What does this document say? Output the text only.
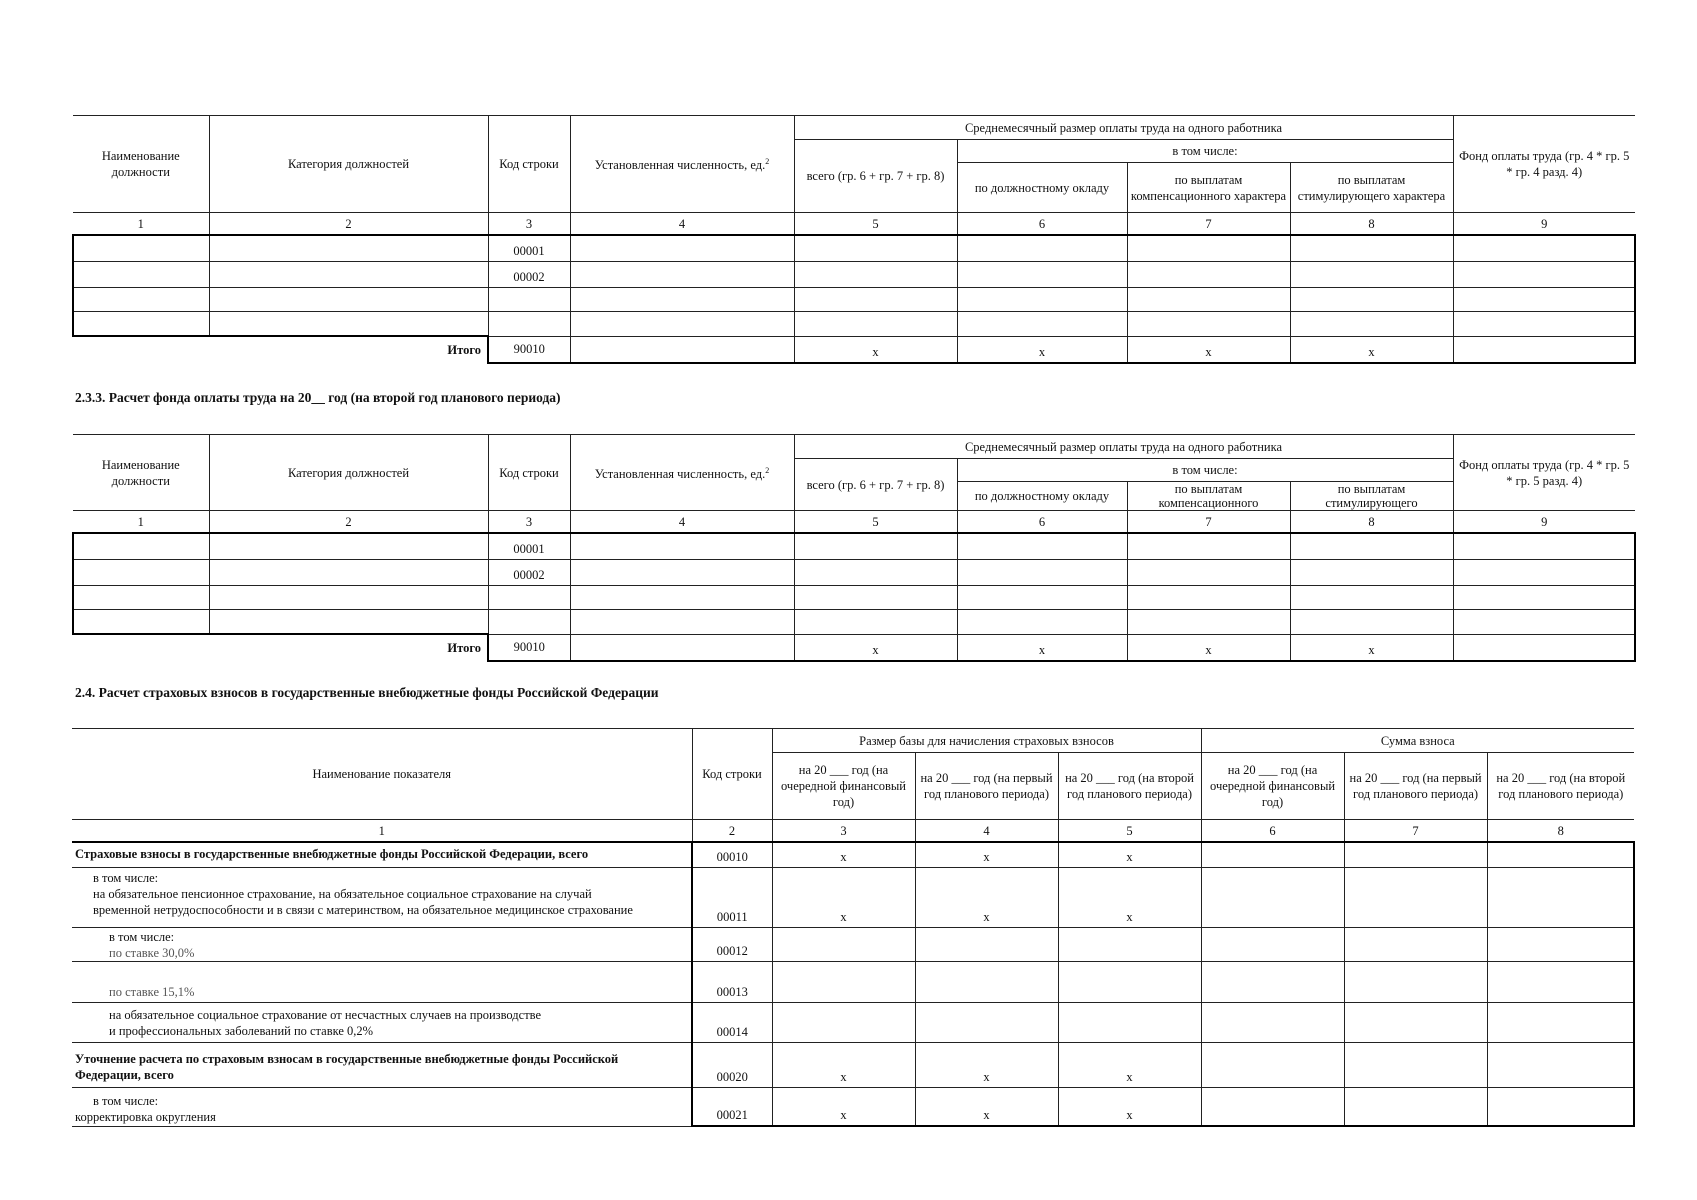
Наименование должности	Категория должностей	Код строки	Установленная численность, ед.$^2$	Среднемесячный размер оплаты труда на одного работника				Фонд оплаты труда (гр. 4 * гр. 5 * гр. 4 разд. 4)
				всего (гр. 6 + гр. 7 + гр. 8)	в том числе:			
					по должностному окладу	по выплатам компенсационного характера	по выплатам стимулирующего характера	
1	2	3	4	5	6	7	8	9
		00001						
		00002						

Итого		90010		x	x	x	x	
2.3.3. Расчет фонда оплаты труда на 20__ год (на второй год планового периода)
Наименование должности	Категория должностей	Код строки	Установленная численность, ед.$^2$	Среднемесячный размер оплаты труда на одного работника				Фонд оплаты труда (гр. 4 * гр. 5 * гр. 5 разд. 4)
				всего (гр. 6 + гр. 7 + гр. 8)	в том числе:			
					по должностному окладу	по выплатам компенсационного	по выплатам стимулирующего	
1	2	3	4	5	6	7	8	9
		00001						
		00002						

Итого		90010		x	x	x	x	
2.4. Расчет страховых взносов в государственные внебюджетные фонды Российской Федерации
Наименование показателя	Код строки	Размер базы для начисления страховых взносов			Сумма взноса		
		на 20 ___ год (на очередной финансовый год)	на 20 ___ год (на первый год планового периода)	на 20 ___ год (на второй год планового периода)	на 20 ___ год (на очередной финансовый год)	на 20 ___ год (на первый год планового периода)	на 20 ___ год (на второй год планового периода)
1	2	3	4	5	6	7	8
Страховые взносы в государственные внебюджетные фонды Российской Федерации, всего	00010	x	x	x			

в том числе:
на обязательное пенсионное страхование, на обязательное социальное страхование на случай
временной нетрудоспособности и в связи с материнством, на обязательное медицинское страхование	00011	x	x	x			

в том числе:
по ставке 30,0%	00012						
по ставке 15,1%	00013						

на обязательное социальное страхование от несчастных случаев на производстве
и профессиональных заболеваний по ставке 0,2%	00014						

Уточнение расчета по страховым взносам в государственные внебюджетные фонды Российской
Федерации, всего	00020	x	x	x			

в том числе:
корректировка округления	00021	x	x	x			
